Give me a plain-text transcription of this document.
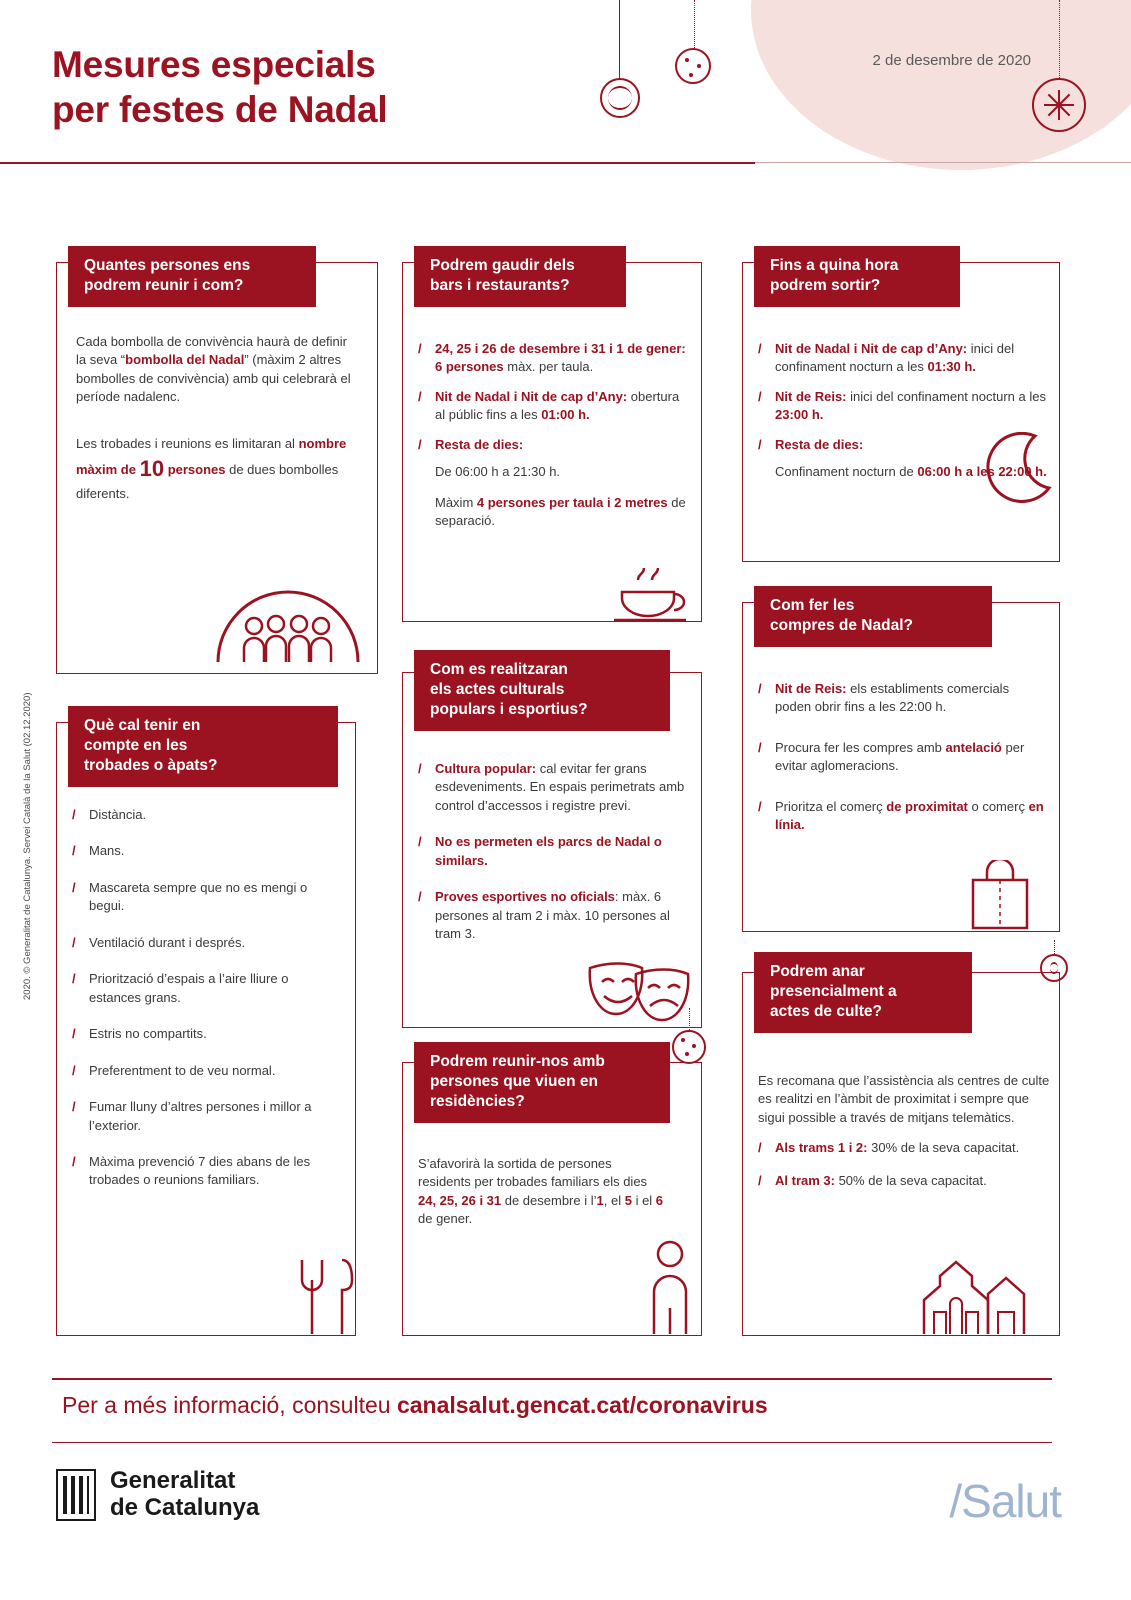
Mesures especials
per festes de Nadal
2 de desembre de 2020
2020. © Generalitat de Catalunya. Servei Català de la Salut (02.12.2020)
Quantes persones ens
podrem reunir i com?

Cada bombolla de convivència haurà de definir la seva “bombolla del Nadal” (màxim 2 altres bombolles de convivència) amb qui celebrarà el període nadalenc.

Les trobades i reunions es limitaran al nombre màxim de 10 persones de dues bombolles diferents.

Podrem gaudir dels
bars i restaurants?
/ 24, 25 i 26 de desembre i 31 i 1 de gener: 6 persones màx. per taula.
/ Nit de Nadal i Nit de cap d’Any: obertura al públic fins a les 01:00 h.
/ Resta de dies:

De 06:00 h a 21:30 h.

Màxim 4 persones per taula i 2 metres de separació.

Fins a quina hora
podrem sortir?
/ Nit de Nadal i Nit de cap d’Any: inici del confinament nocturn a les 01:30 h.
/ Nit de Reis: inici del confinament nocturn a les 23:00 h.
/ Resta de dies:

Confinament nocturn de 06:00 h a les 22:00 h.

Com fer les
compres de Nadal?
/ Nit de Reis: els establiments comercials poden obrir fins a les 22:00 h.
/ Procura fer les compres amb antelació per evitar aglomeracions.
/ Prioritza el comerç de proximitat o comerç en línia.
Què cal tenir en
compte en les
trobades o àpats?
/ Distància.
/ Mans.
/ Mascareta sempre que no es mengi o begui.
/ Ventilació durant i després.
/ Priorització d’espais a l’aire lliure o estances grans.
/ Estris no compartits.
/ Preferentment to de veu normal.
/ Fumar lluny d’altres persones i millor a l’exterior.
/ Màxima prevenció 7 dies abans de les trobades o reunions familiars.
Com es realitzaran
els actes culturals
populars i esportius?
/ Cultura popular: cal evitar fer grans esdeveniments. En espais perimetrats amb control d’accessos i registre previ.
/ No es permeten els parcs de Nadal o similars.
/ Proves esportives no oficials: màx. 6 persones al tram 2 i màx. 10 persones al tram 3.
Podrem reunir-nos amb
persones que viuen en
residències?

S’afavorirà la sortida de persones residents per trobades familiars els dies 24, 25, 26 i 31 de desembre i l’1, el 5 i el 6 de gener.

Podrem anar
presencialment a
actes de culte?

Es recomana que l’assistència als centres de culte es realitzi en l’àmbit de proximitat i sempre que sigui possible a través de mitjans telemàtics.

/ Als trams 1 i 2: 30% de la seva capacitat.
/ Al tram 3: 50% de la seva capacitat.
Per a més informació, consulteu canalsalut.gencat.cat/coronavirus
Generalitat
de Catalunya	/Salut
